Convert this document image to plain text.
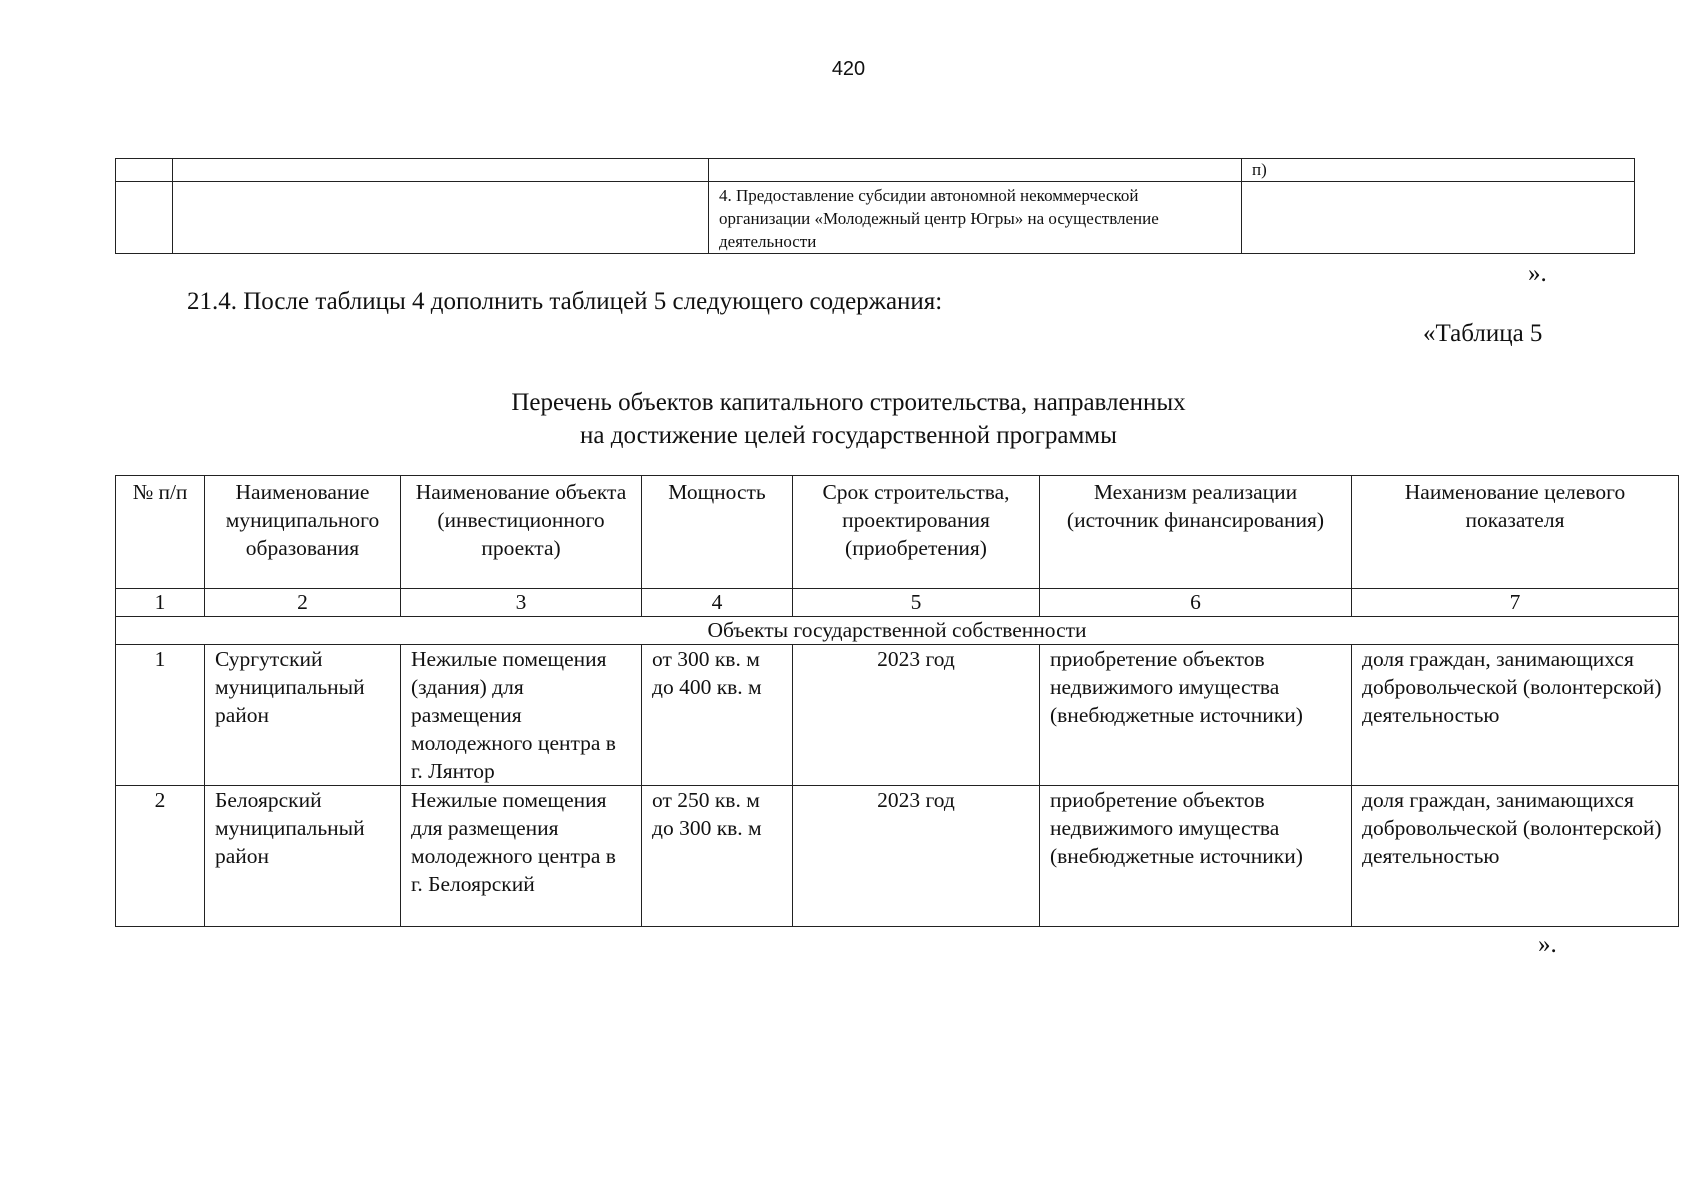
420
			п)
		4. Предоставление субсидии автономной некоммерческой организации «Молодежный центр Югры» на осуществление деятельности	
».
21.4. После таблицы 4 дополнить таблицей 5 следующего содержания:
«Таблица 5
Перечень объектов капитального строительства, направленных
на достижение целей государственной программы
№ п/п	Наименование муниципального образования	Наименование объекта (инвестиционного проекта)	Мощность	Срок строительства, проектирования (приобретения)	Механизм реализации (источник финансирования)	Наименование целевого показателя
1	2	3	4	5	6	7
Объекты государственной собственности						
1	Сургутский муниципальный район	Нежилые помещения (здания) для размещения молодежного центра в г. Лянтор	от 300 кв. м до 400 кв. м	2023 год	приобретение объектов недвижимого имущества (внебюджетные источники)	доля граждан, занимающихся добровольческой (волонтерской) деятельностью
2	Белоярский муниципальный район	Нежилые помещения для размещения молодежного центра в г. Белоярский	от 250 кв. м до 300 кв. м	2023 год	приобретение объектов недвижимого имущества (внебюджетные источники)	доля граждан, занимающихся добровольческой (волонтерской) деятельностью
».
